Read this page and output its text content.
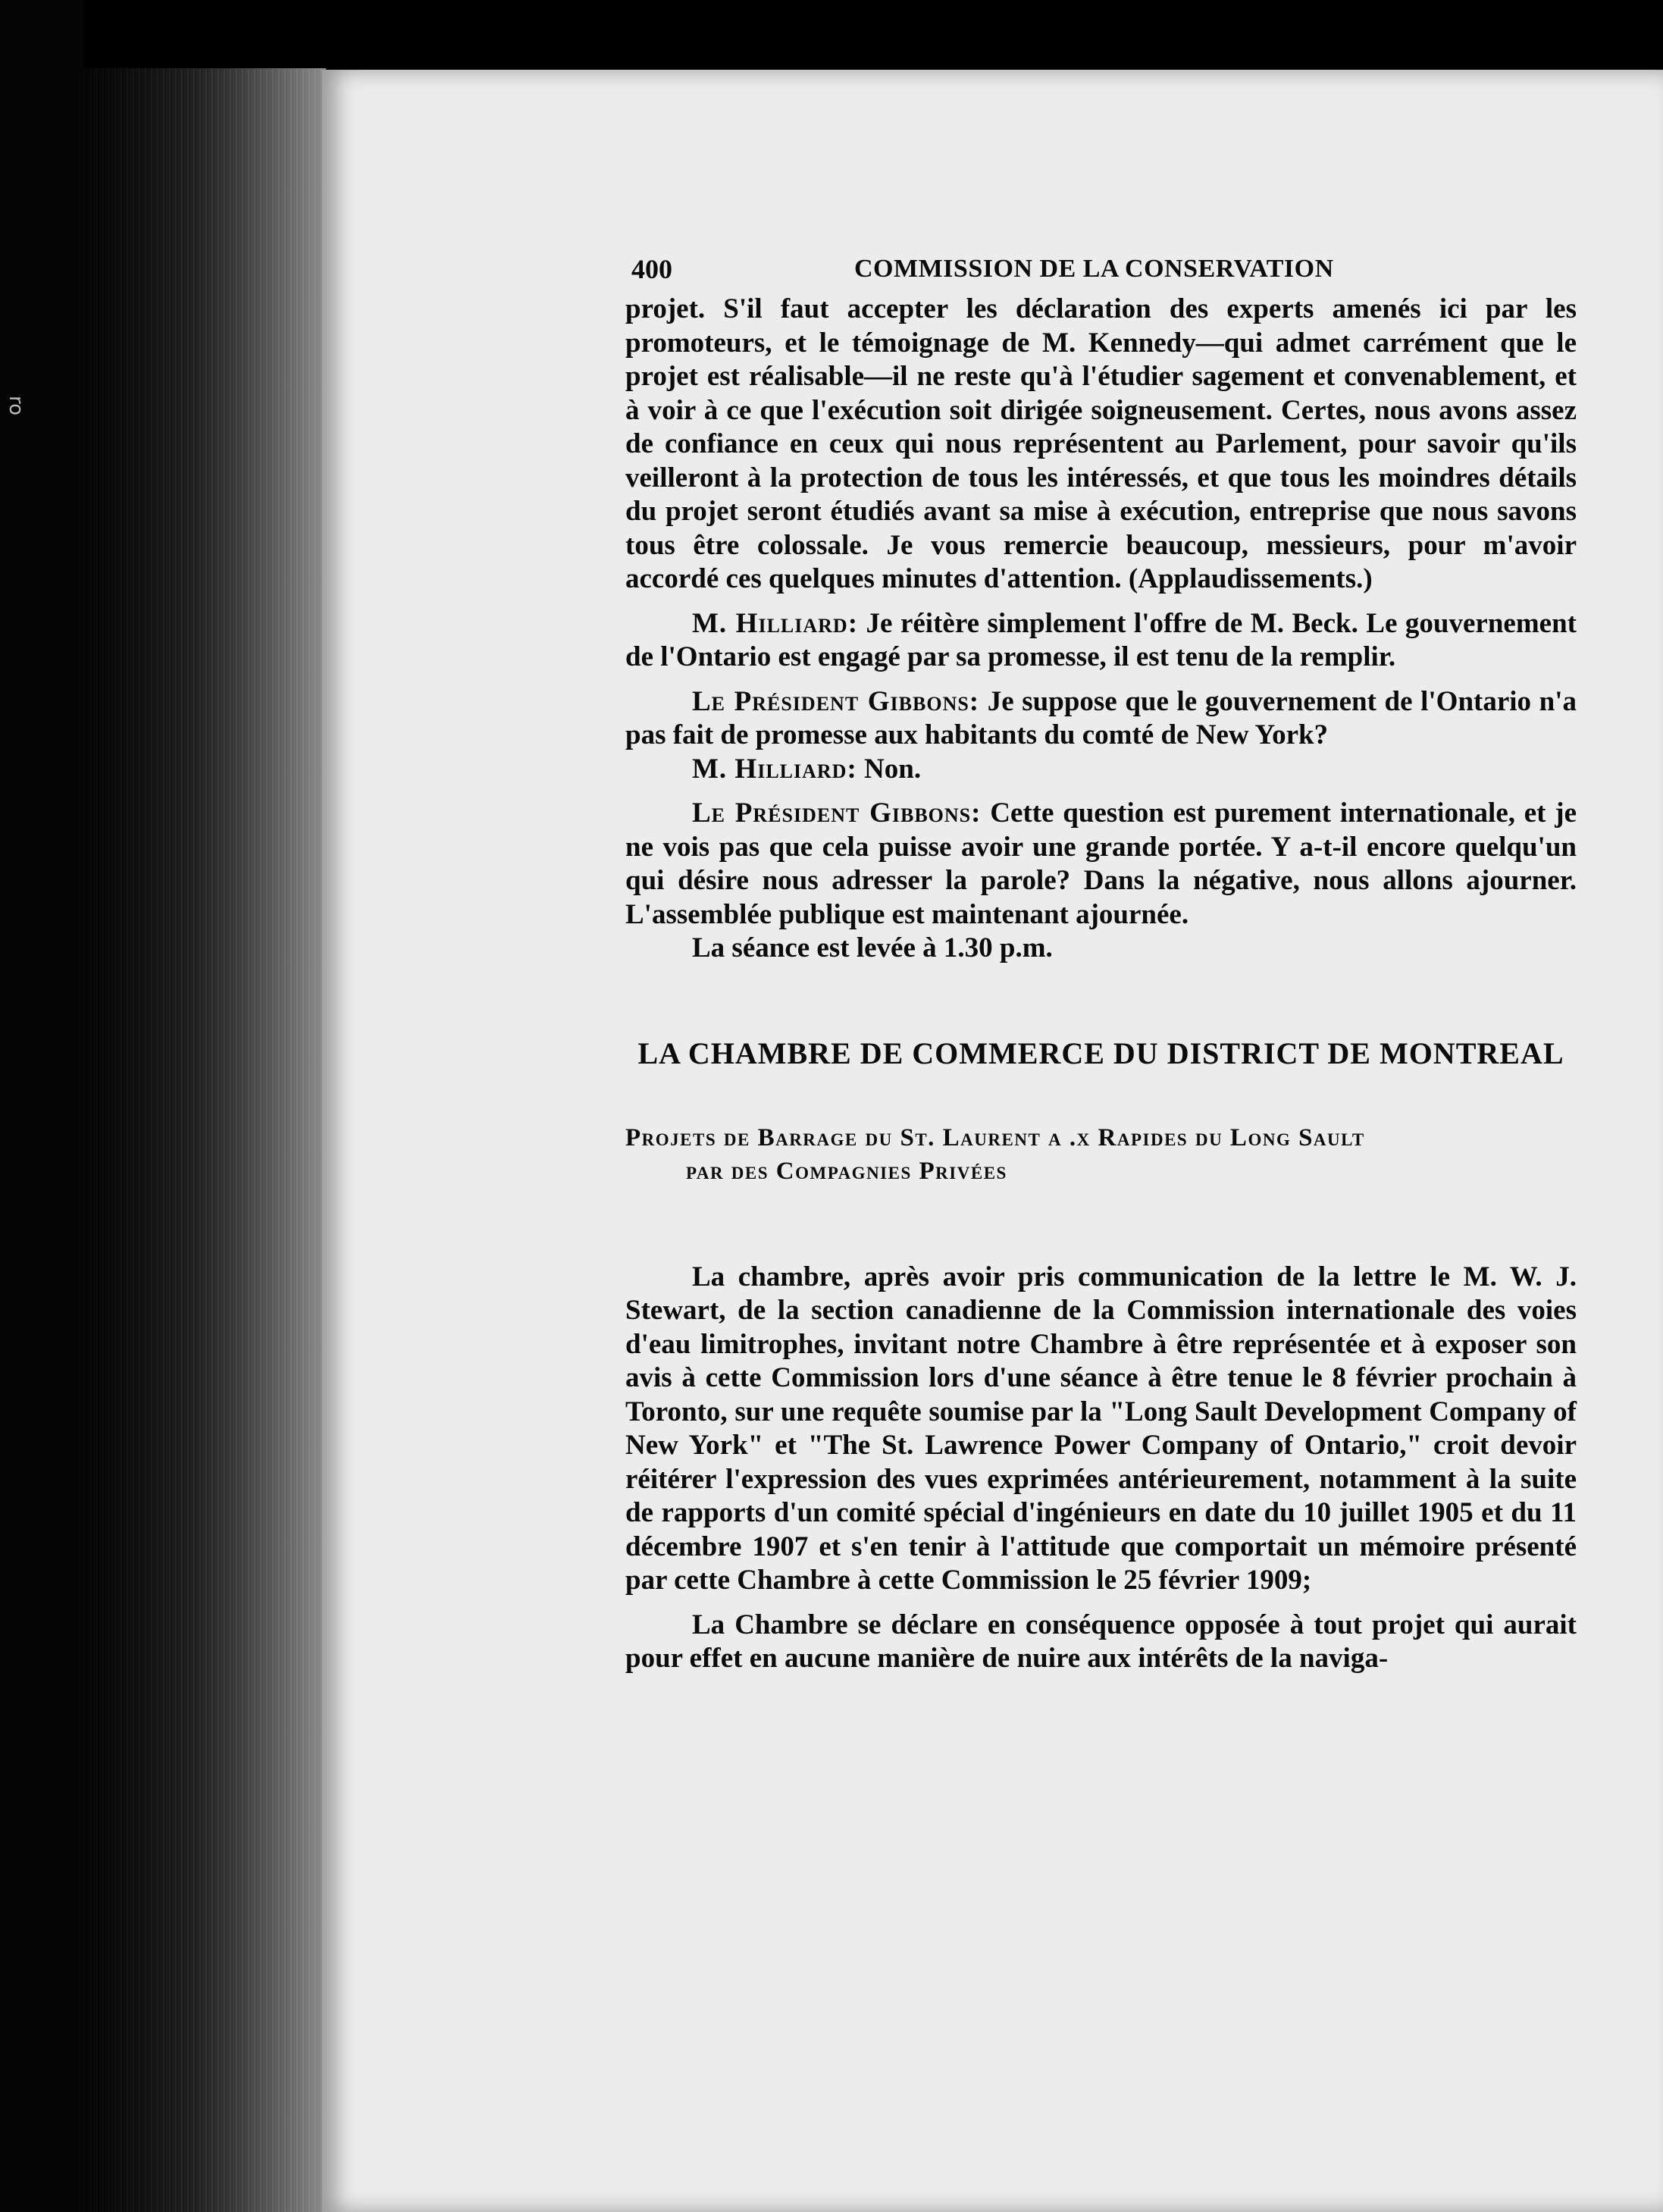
ro
400	COMMISSION DE LA CONSERVATION

projet. S'il faut accepter les déclaration des experts amenés ici par les promoteurs, et le témoignage de M. Kennedy—qui admet carrément que le projet est réalisable—il ne reste qu'à l'étudier sagement et convenablement, et à voir à ce que l'exécution soit dirigée soigneusement. Certes, nous avons assez de confiance en ceux qui nous représentent au Parlement, pour savoir qu'ils veilleront à la protection de tous les intéressés, et que tous les moindres détails du projet seront étudiés avant sa mise à exécution, entreprise que nous savons tous être colossale. Je vous remercie beaucoup, messieurs, pour m'avoir accordé ces quelques minutes d'attention. (Applaudissements.)

M. Hilliard: Je réitère simplement l'offre de M. Beck. Le gouvernement de l'Ontario est engagé par sa promesse, il est tenu de la remplir.

Le Président Gibbons: Je suppose que le gouvernement de l'Ontario n'a pas fait de promesse aux habitants du comté de New York?

M. Hilliard: Non.

Le Président Gibbons: Cette question est purement internationale, et je ne vois pas que cela puisse avoir une grande portée. Y a-t-il encore quelqu'un qui désire nous adresser la parole? Dans la négative, nous allons ajourner. L'assemblée publique est maintenant ajournée.

La séance est levée à 1.30 p.m.

LA CHAMBRE DE COMMERCE DU DISTRICT DE MONTREAL
Projets de Barrage du St. Laurent a .x Rapides du Long Sault
par des Compagnies Privées

La chambre, après avoir pris communication de la lettre le M. W. J. Stewart, de la section canadienne de la Commission internationale des voies d'eau limitrophes, invitant notre Chambre à être représentée et à exposer son avis à cette Commission lors d'une séance à être tenue le 8 février prochain à Toronto, sur une requête soumise par la "Long Sault Development Company of New York" et "The St. Lawrence Power Company of Ontario," croit devoir réitérer l'expression des vues exprimées antérieurement, notamment à la suite de rapports d'un comité spécial d'ingénieurs en date du 10 juillet 1905 et du 11 décembre 1907 et s'en tenir à l'attitude que comportait un mémoire présenté par cette Chambre à cette Commission le 25 février 1909;

La Chambre se déclare en conséquence opposée à tout projet qui aurait pour effet en aucune manière de nuire aux intérêts de la naviga-
